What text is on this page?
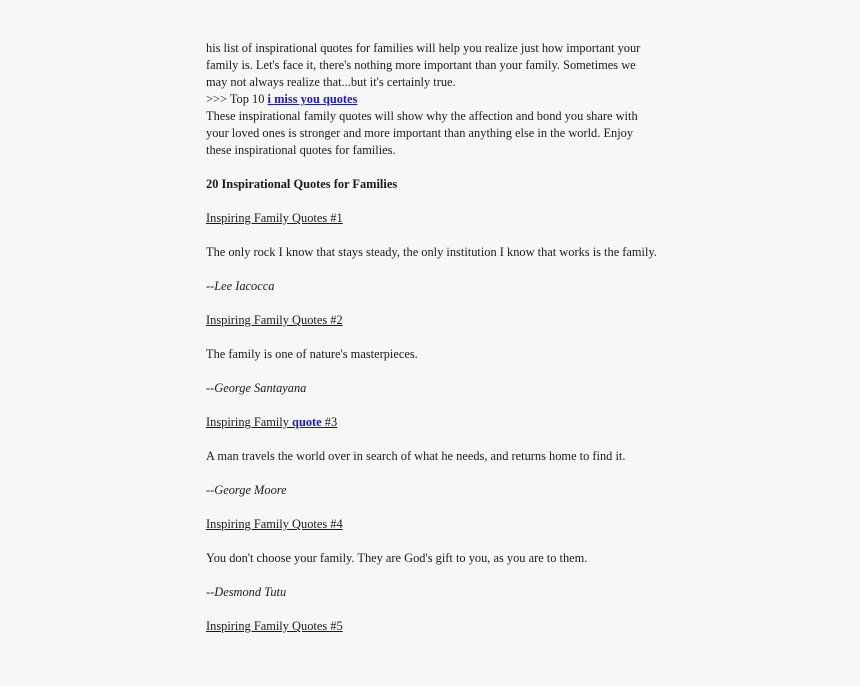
his list of inspirational quotes for families will help you realize just how important your family is. Let's face it, there's nothing more important than your family. Sometimes we may not always realize that...but it's certainly true.

>>> Top 10 i miss you quotes

These inspirational family quotes will show why the affection and bond you share with your loved ones is stronger and more important than anything else in the world. Enjoy these inspirational quotes for families.

20 Inspirational Quotes for Families

Inspiring Family Quotes #1

The only rock I know that stays steady, the only institution I know that works is the family.

--Lee Iacocca

Inspiring Family Quotes #2

The family is one of nature's masterpieces.

--George Santayana

Inspiring Family quote #3

A man travels the world over in search of what he needs, and returns home to find it.

--George Moore

Inspiring Family Quotes #4

You don't choose your family. They are God's gift to you, as you are to them.

--Desmond Tutu

Inspiring Family Quotes #5
